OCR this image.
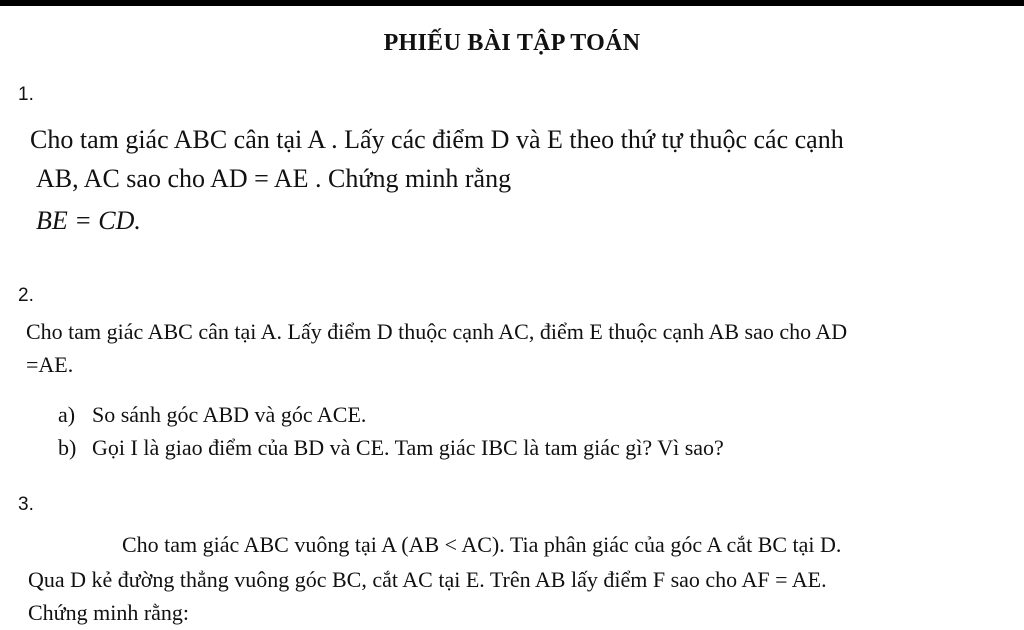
PHIẾU BÀI TẬP TOÁN
1.
Cho tam giác ABC cân tại A . Lấy các điểm D và E theo thứ tự thuộc các cạnh
AB, AC sao cho AD = AE . Chứng minh rằng
BE = CD.
2.
Cho tam giác ABC cân tại A. Lấy điểm D thuộc cạnh AC, điểm E thuộc cạnh AB sao cho AD
=AE.
a) So sánh góc ABD và góc ACE.
b) Gọi I là giao điểm của BD và CE. Tam giác IBC là tam giác gì? Vì sao?
3.
Cho tam giác ABC vuông tại A (AB < AC). Tia phân giác của góc A cắt BC tại D.
Qua D kẻ đường thẳng vuông góc BC, cắt AC tại E. Trên AB lấy điểm F sao cho AF = AE.
Chứng minh rằng:
